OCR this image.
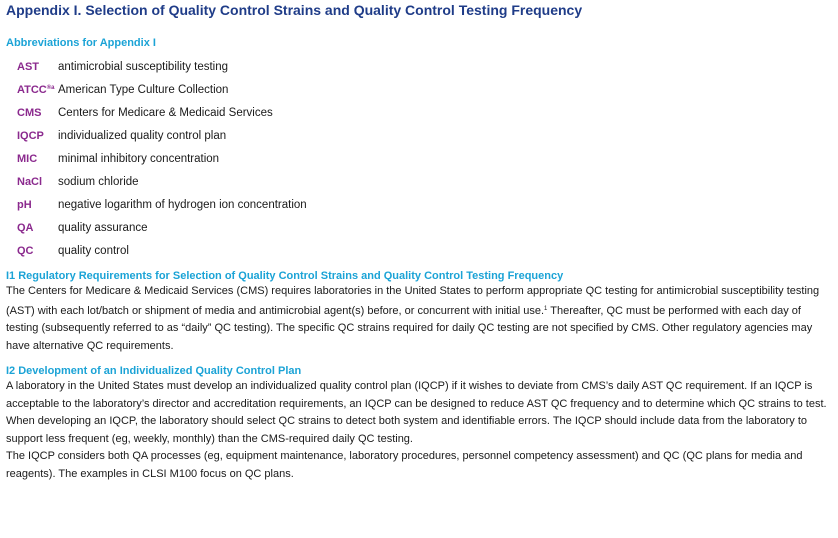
Appendix I. Selection of Quality Control Strains and Quality Control Testing Frequency
Abbreviations for Appendix I
AST	antimicrobial susceptibility testing
$ATCC^{®a}$ American Type Culture Collection
CMS	Centers for Medicare & Medicaid Services
IQCP	individualized quality control plan
MIC	minimal inhibitory concentration
NaCl	sodium chloride
pH	negative logarithm of hydrogen ion concentration
QA	quality assurance
QC	quality control
I1 Regulatory Requirements for Selection of Quality Control Strains and Quality Control Testing Frequency

The Centers for Medicare & Medicaid Services (CMS) requires laboratories in the United States to perform appropriate QC testing for antimicrobial susceptibility testing (AST) with each lot/batch or shipment of media and antimicrobial agent(s) before, or concurrent with initial use.$^1$ Thereafter, QC must be performed with each day of testing (subsequently referred to as “daily” QC testing). The specific QC strains required for daily QC testing are not specified by CMS. Other regulatory agencies may have alternative QC requirements.

I2 Development of an Individualized Quality Control Plan

A laboratory in the United States must develop an individualized quality control plan (IQCP) if it wishes to deviate from CMS’s daily AST QC requirement. If an IQCP is acceptable to the laboratory’s director and accreditation requirements, an IQCP can be designed to reduce AST QC frequency and to determine which QC strains to test.

When developing an IQCP, the laboratory should select QC strains to detect both system and identifiable errors. The IQCP should include data from the laboratory to support less frequent (eg, weekly, monthly) than the CMS-required daily QC testing.

The IQCP considers both QA processes (eg, equipment maintenance, laboratory procedures, personnel competency assessment) and QC (QC plans for media and reagents). The examples in CLSI M100 focus on QC plans.
